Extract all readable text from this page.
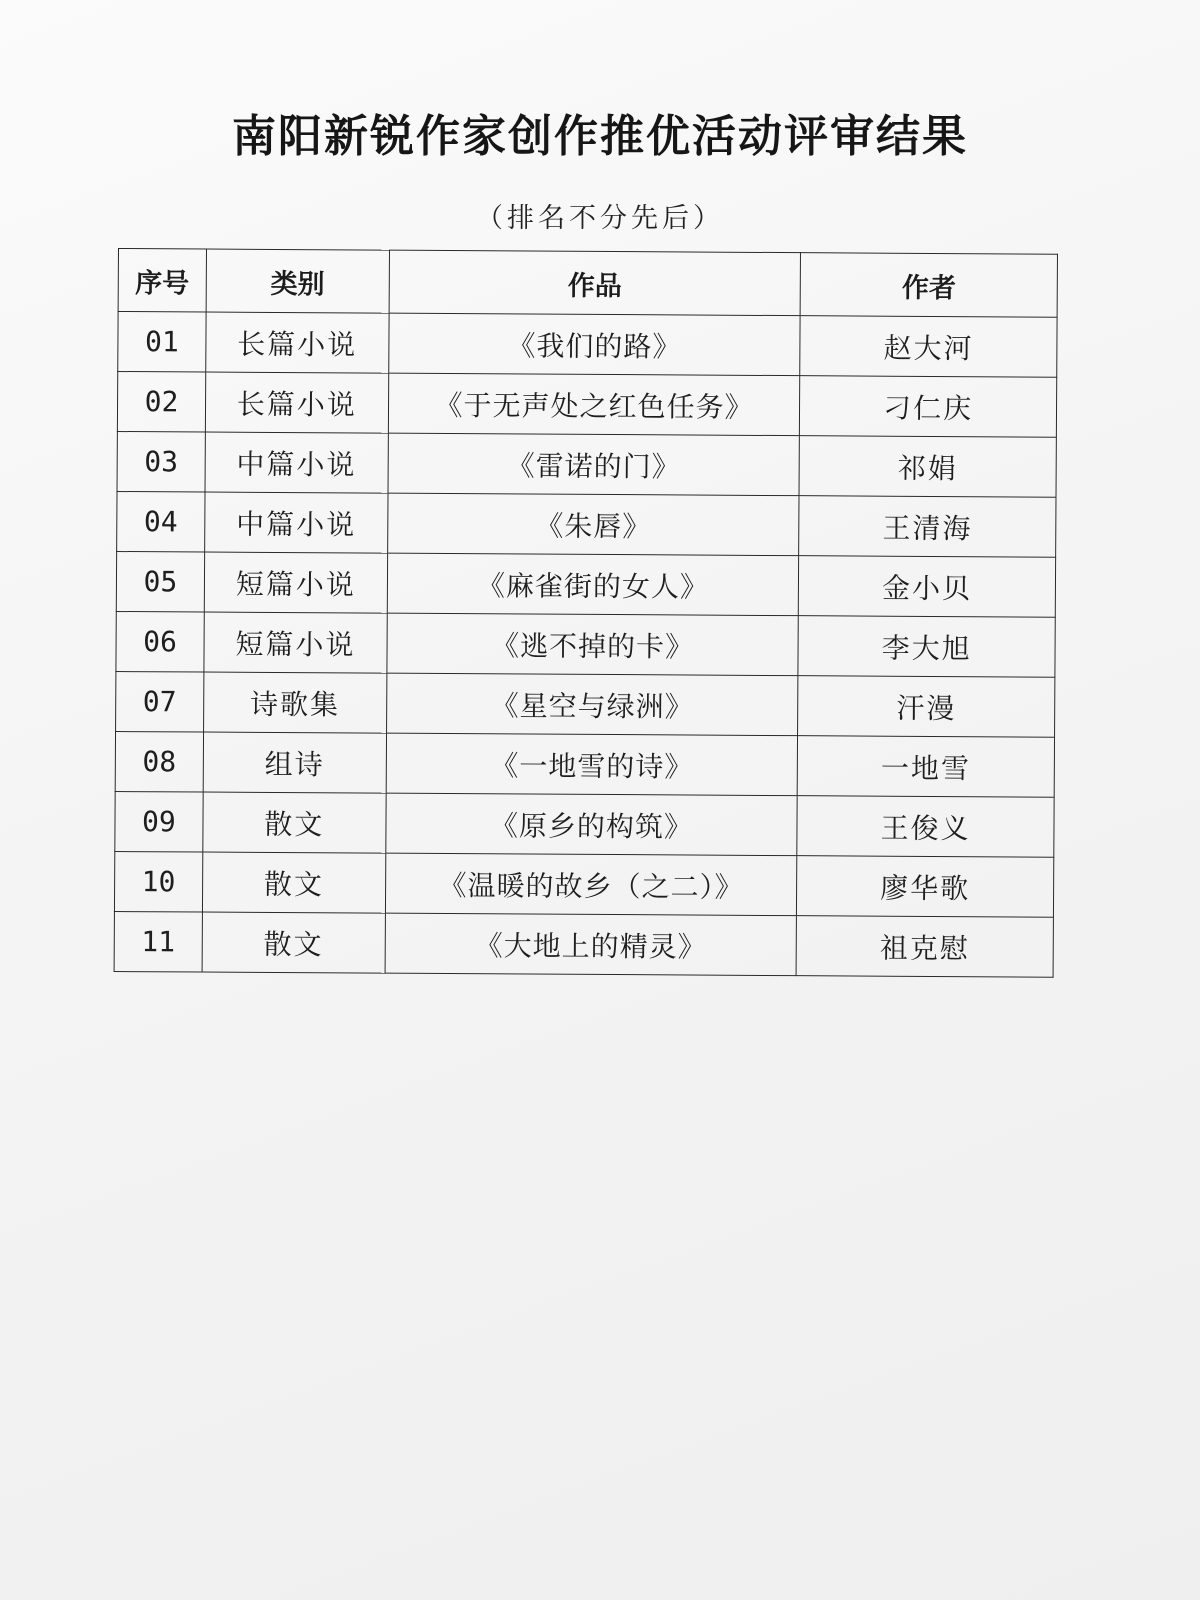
南阳新锐作家创作推优活动评审结果
（排名不分先后）
序号	类别	作品	作者
01	长篇小说	《我们的路》	赵大河
02	长篇小说	《于无声处之红色任务》	刁仁庆
03	中篇小说	《雷诺的门》	祁娟
04	中篇小说	《朱唇》	王清海
05	短篇小说	《麻雀街的女人》	金小贝
06	短篇小说	《逃不掉的卡》	李大旭
07	诗歌集	《星空与绿洲》	汗漫
08	组诗	《一地雪的诗》	一地雪
09	散文	《原乡的构筑》	王俊义
10	散文	《温暖的故乡（之二）》	廖华歌
11	散文	《大地上的精灵》	祖克慰
